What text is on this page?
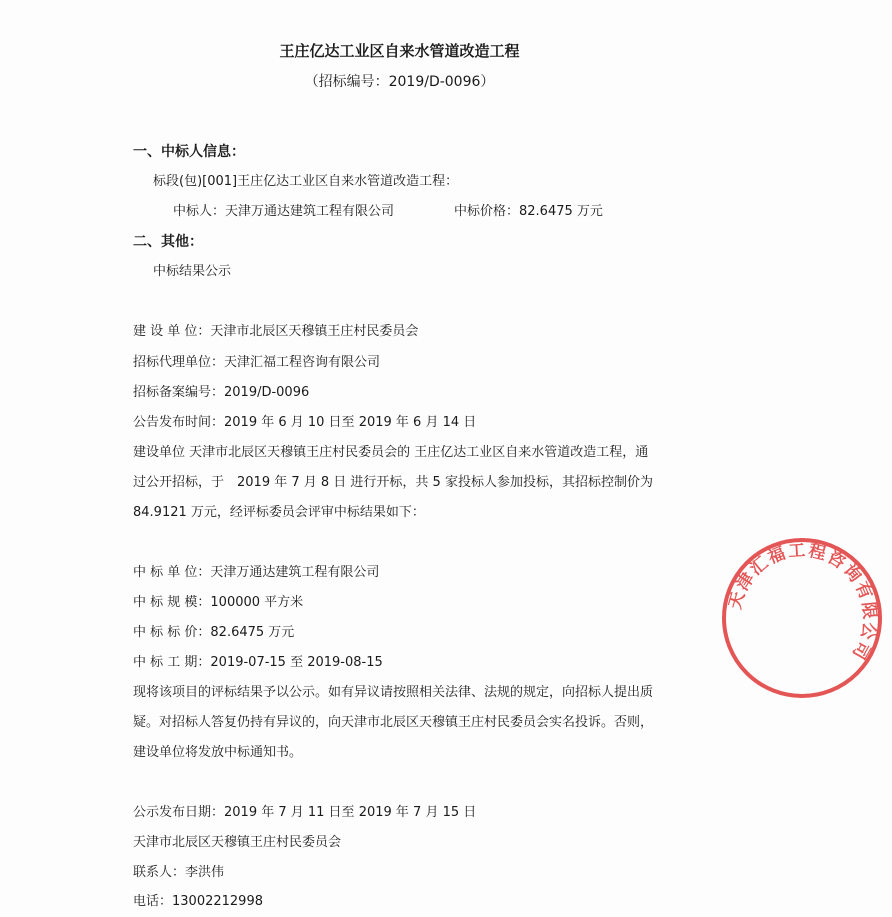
王庄亿达工业区自来水管道改造工程
（招标编号：2019/D-0096）
一、中标人信息：
标段(包)[001]王庄亿达工业区自来水管道改造工程：
中标人：天津万通达建筑工程有限公司	中标价格：82.6475 万元
二、其他：
中标结果公示
建 设 单 位：天津市北辰区天穆镇王庄村民委员会
招标代理单位：天津汇福工程咨询有限公司
招标备案编号：2019/D-0096
公告发布时间：2019 年 6 月 10 日至 2019 年 6 月 14 日
建设单位 天津市北辰区天穆镇王庄村民委员会的 王庄亿达工业区自来水管道改造工程，通
过公开招标，于　2019 年 7 月 8 日 进行开标，共 5 家投标人参加投标，其招标控制价为
84.9121 万元，经评标委员会评审中标结果如下：
中 标 单 位：天津万通达建筑工程有限公司
中 标 规 模：100000 平方米
中 标 标 价：82.6475 万元
中 标 工 期：2019-07-15 至 2019-08-15
现将该项目的评标结果予以公示。如有异议请按照相关法律、法规的规定，向招标人提出质
疑。对招标人答复仍持有异议的，向天津市北辰区天穆镇王庄村民委员会实名投诉。否则，
建设单位将发放中标通知书。
公示发布日期：2019 年 7 月 11 日至 2019 年 7 月 15 日
天津市北辰区天穆镇王庄村民委员会
联系人：李洪伟
电话：13002212998
天津汇福工程咨询有限公司
